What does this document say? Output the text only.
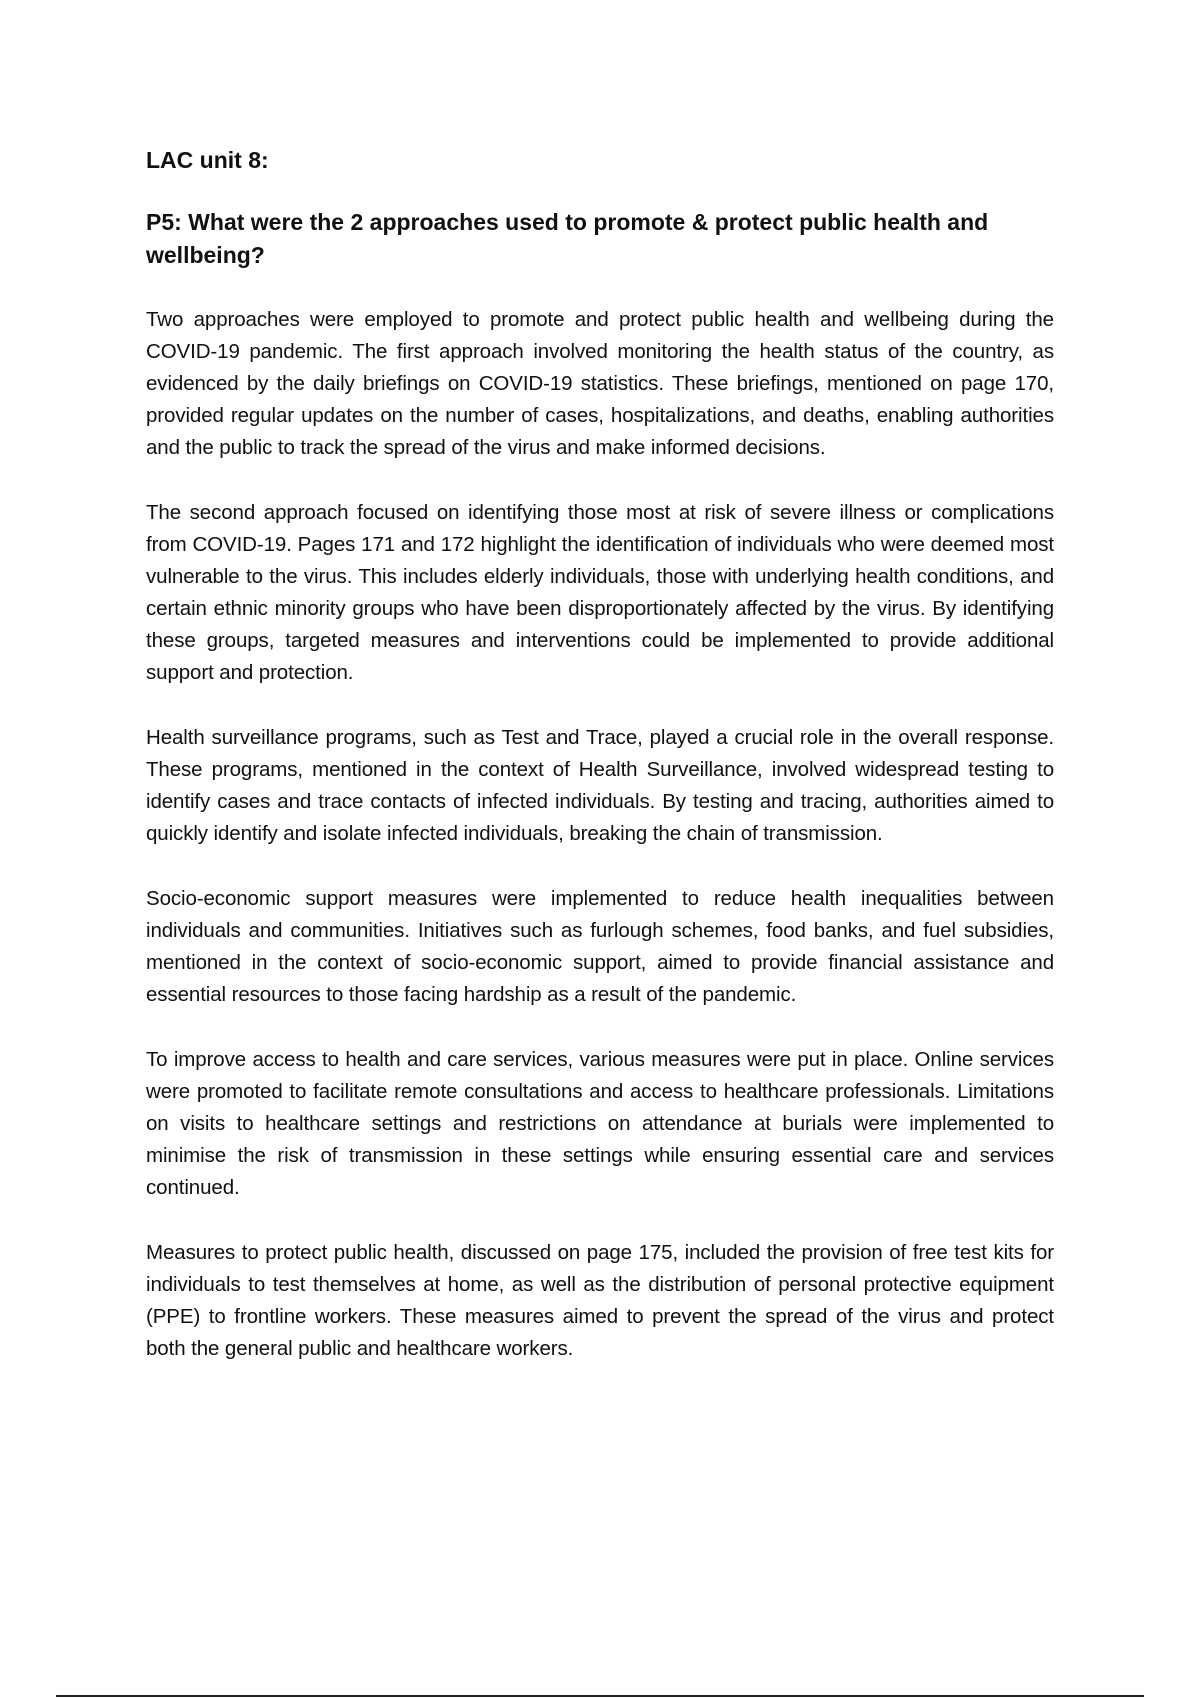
LAC unit 8:
P5: What were the 2 approaches used to promote & protect public health and wellbeing?

Two approaches were employed to promote and protect public health and wellbeing during the COVID-19 pandemic. The first approach involved monitoring the health status of the country, as evidenced by the daily briefings on COVID-19 statistics. These briefings, mentioned on page 170, provided regular updates on the number of cases, hospitalizations, and deaths, enabling authorities and the public to track the spread of the virus and make informed decisions.

The second approach focused on identifying those most at risk of severe illness or complications from COVID-19. Pages 171 and 172 highlight the identification of individuals who were deemed most vulnerable to the virus. This includes elderly individuals, those with underlying health conditions, and certain ethnic minority groups who have been disproportionately affected by the virus. By identifying these groups, targeted measures and interventions could be implemented to provide additional support and protection.

Health surveillance programs, such as Test and Trace, played a crucial role in the overall response. These programs, mentioned in the context of Health Surveillance, involved widespread testing to identify cases and trace contacts of infected individuals. By testing and tracing, authorities aimed to quickly identify and isolate infected individuals, breaking the chain of transmission.

Socio-economic support measures were implemented to reduce health inequalities between individuals and communities. Initiatives such as furlough schemes, food banks, and fuel subsidies, mentioned in the context of socio-economic support, aimed to provide financial assistance and essential resources to those facing hardship as a result of the pandemic.

To improve access to health and care services, various measures were put in place. Online services were promoted to facilitate remote consultations and access to healthcare professionals. Limitations on visits to healthcare settings and restrictions on attendance at burials were implemented to minimise the risk of transmission in these settings while ensuring essential care and services continued.

Measures to protect public health, discussed on page 175, included the provision of free test kits for individuals to test themselves at home, as well as the distribution of personal protective equipment (PPE) to frontline workers. These measures aimed to prevent the spread of the virus and protect both the general public and healthcare workers.
